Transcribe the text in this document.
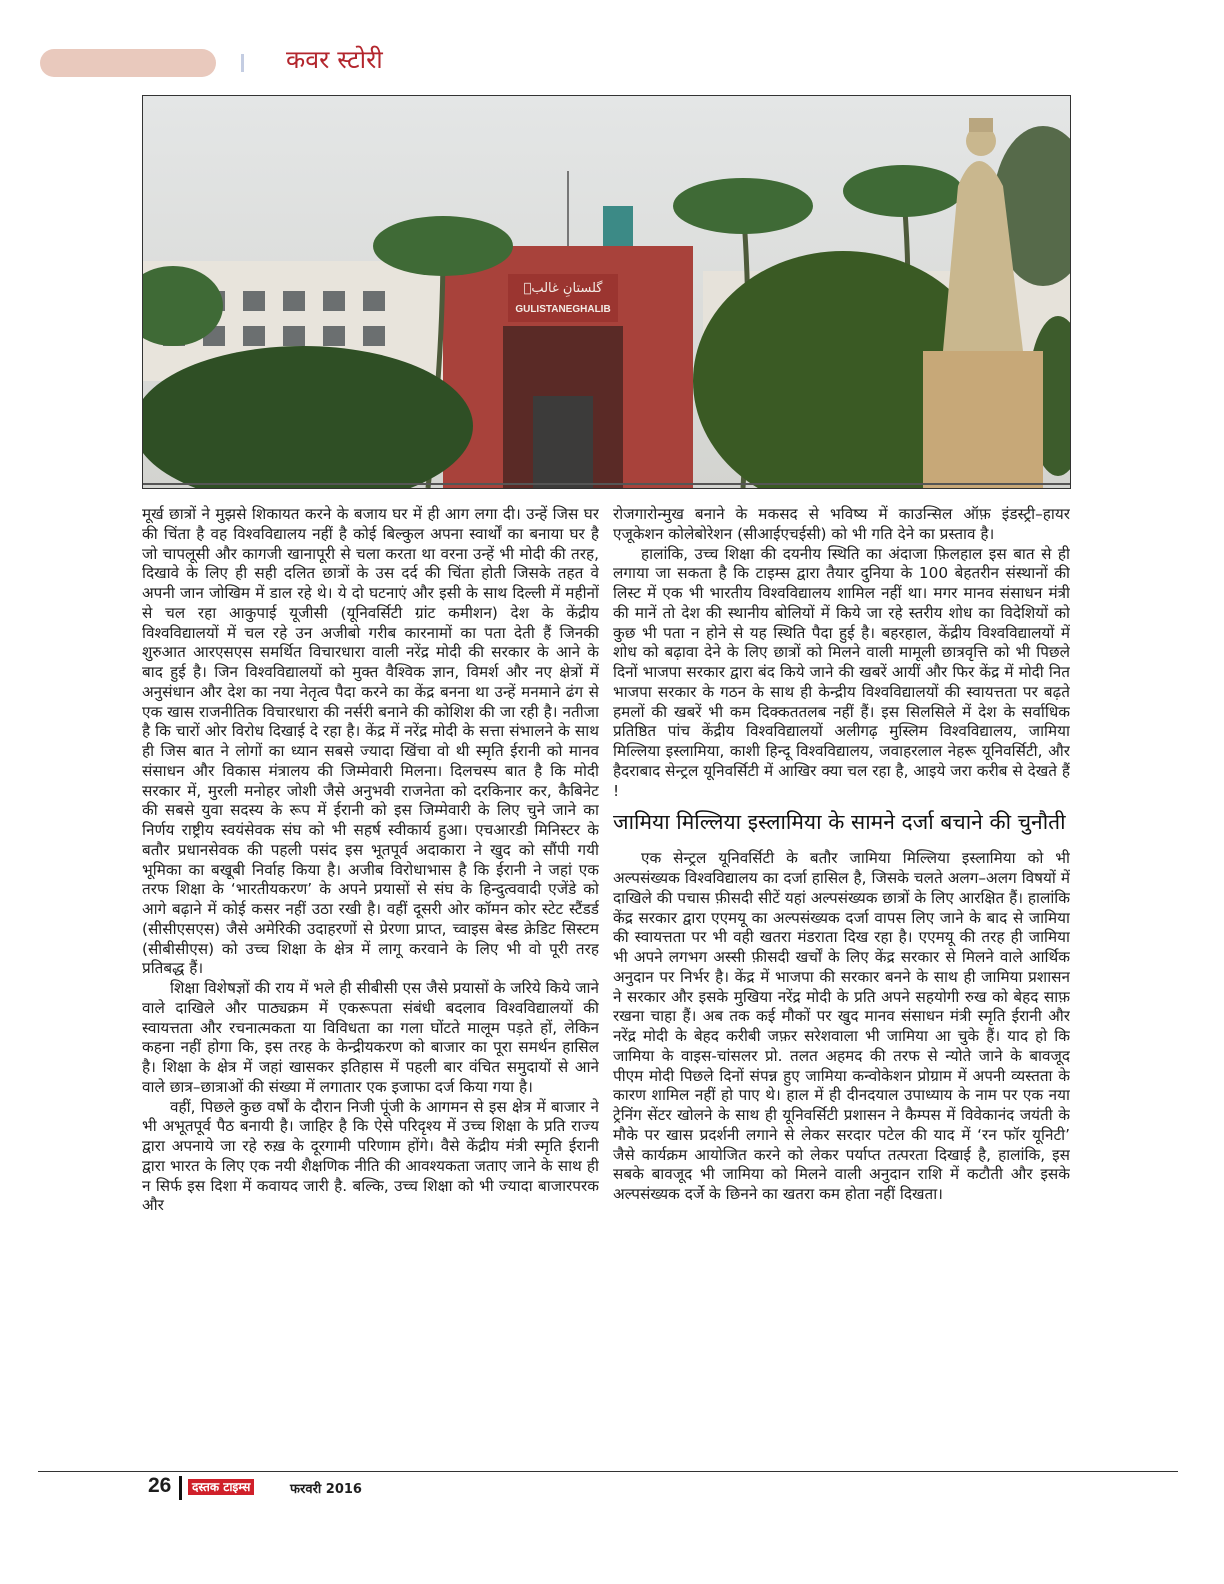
कवर स्टोरी
گلستانِ غالبؔ
GULISTANEGHALIB

मूर्ख छात्रों ने मुझसे शिकायत करने के बजाय घर में ही आग लगा दी। उन्हें जिस घर की चिंता है वह विश्वविद्यालय नहीं है कोई बिल्कुल अपना स्वार्थों का बनाया घर है जो चापलूसी और कागजी खानापूरी से चला करता था वरना उन्हें भी मोदी की तरह, दिखावे के लिए ही सही दलित छात्रों के उस दर्द की चिंता होती जिसके तहत वे अपनी जान जोखिम में डाल रहे थे। ये दो घटनाएं और इसी के साथ दिल्ली में महीनों से चल रहा आकुपाई यूजीसी (यूनिवर्सिटी ग्रांट कमीशन) देश के केंद्रीय विश्वविद्यालयों में चल रहे उन अजीबो गरीब कारनामों का पता देती हैं जिनकी शुरुआत आरएसएस समर्थित विचारधारा वाली नरेंद्र मोदी की सरकार के आने के बाद हुई है। जिन विश्वविद्यालयों को मुक्त वैश्विक ज्ञान, विमर्श और नए क्षेत्रों में अनुसंधान और देश का नया नेतृत्व पैदा करने का केंद्र बनना था उन्हें मनमाने ढंग से एक खास राजनीतिक विचारधारा की नर्सरी बनाने की कोशिश की जा रही है। नतीजा है कि चारों ओर विरोध दिखाई दे रहा है। केंद्र में नरेंद्र मोदी के सत्ता संभालने के साथ ही जिस बात ने लोगों का ध्यान सबसे ज्यादा खिंचा वो थी स्मृति ईरानी को मानव संसाधन और विकास मंत्रालय की जिम्मेवारी मिलना। दिलचस्प बात है कि मोदी सरकार में, मुरली मनोहर जोशी जैसे अनुभवी राजनेता को दरकिनार कर, कैबिनेट की सबसे युवा सदस्य के रूप में ईरानी को इस जिम्मेवारी के लिए चुने जाने का निर्णय राष्ट्रीय स्वयंसेवक संघ को भी सहर्ष स्वीकार्य हुआ। एचआरडी मिनिस्टर के बतौर प्रधानसेवक की पहली पसंद इस भूतपूर्व अदाकारा ने खुद को सौंपी गयी भूमिका का बखूबी निर्वाह किया है। अजीब विरोधाभास है कि ईरानी ने जहां एक तरफ शिक्षा के ‘भारतीयकरण’ के अपने प्रयासों से संघ के हिन्दुत्ववादी एजेंडे को आगे बढ़ाने में कोई कसर नहीं उठा रखी है। वहीं दूसरी ओर कॉमन कोर स्टेट स्टैंडर्ड (सीसीएसएस) जैसे अमेरिकी उदाहरणों से प्रेरणा प्राप्त, च्वाइस बेस्ड क्रेडिट सिस्टम (सीबीसीएस) को उच्च शिक्षा के क्षेत्र में लागू करवाने के लिए भी वो पूरी तरह प्रतिबद्ध हैं।

शिक्षा विशेषज्ञों की राय में भले ही सीबीसी एस जैसे प्रयासों के जरिये किये जाने वाले दाखिले और पाठ्यक्रम में एकरूपता संबंधी बदलाव विश्वविद्यालयों की स्वायत्तता और रचनात्मकता या विविधता का गला घोंटते मालूम पड़ते हों, लेकिन कहना नहीं होगा कि, इस तरह के केन्द्रीयकरण को बाजार का पूरा समर्थन हासिल है। शिक्षा के क्षेत्र में जहां खासकर इतिहास में पहली बार वंचित समुदायों से आने वाले छात्र–छात्राओं की संख्या में लगातार एक इजाफा दर्ज किया गया है।

वहीं, पिछले कुछ वर्षों के दौरान निजी पूंजी के आगमन से इस क्षेत्र में बाजार ने भी अभूतपूर्व पैठ बनायी है। जाहिर है कि ऐसे परिदृश्य में उच्च शिक्षा के प्रति राज्य द्वारा अपनाये जा रहे रुख़ के दूरगामी परिणाम होंगे। वैसे केंद्रीय मंत्री स्मृति ईरानी द्वारा भारत के लिए एक नयी शैक्षणिक नीति की आवश्यकता जताए जाने के साथ ही न सिर्फ इस दिशा में कवायद जारी है. बल्कि, उच्च शिक्षा को भी ज्यादा बाजारपरक और

रोजगारोन्मुख बनाने के मकसद से भविष्य में काउन्सिल ऑफ़ इंडस्ट्री–हायर एजूकेशन कोलेबोरेशन (सीआईएचईसी) को भी गति देने का प्रस्ताव है।

हालांकि, उच्च शिक्षा की दयनीय स्थिति का अंदाजा फ़िलहाल इस बात से ही लगाया जा सकता है कि टाइम्स द्वारा तैयार दुनिया के 100 बेहतरीन संस्थानों की लिस्ट में एक भी भारतीय विश्वविद्यालय शामिल नहीं था। मगर मानव संसाधन मंत्री की मानें तो देश की स्थानीय बोलियों में किये जा रहे स्तरीय शोध का विदेशियों को कुछ भी पता न होने से यह स्थिति पैदा हुई है। बहरहाल, केंद्रीय विश्वविद्यालयों में शोध को बढ़ावा देने के लिए छात्रों को मिलने वाली मामूली छात्रवृत्ति को भी पिछले दिनों भाजपा सरकार द्वारा बंद किये जाने की खबरें आयीं और फिर केंद्र में मोदी नित भाजपा सरकार के गठन के साथ ही केन्द्रीय विश्वविद्यालयों की स्वायत्तता पर बढ़ते हमलों की खबरें भी कम दिक्कततलब नहीं हैं। इस सिलसिले में देश के सर्वाधिक प्रतिष्ठित पांच केंद्रीय विश्वविद्यालयों अलीगढ़ मुस्लिम विश्वविद्यालय, जामिया मिल्लिया इस्लामिया, काशी हिन्दू विश्वविद्यालय, जवाहरलाल नेहरू यूनिवर्सिटी, और हैदराबाद सेन्ट्रल यूनिवर्सिटी में आखिर क्या चल रहा है, आइये जरा करीब से देखते हैं !

जामिया मिल्लिया इस्लामिया के सामने दर्जा बचाने की चुनौती

एक सेन्ट्रल यूनिवर्सिटी के बतौर जामिया मिल्लिया इस्लामिया को भी अल्पसंख्यक विश्वविद्यालय का दर्जा हासिल है, जिसके चलते अलग–अलग विषयों में दाखिले की पचास फ़ीसदी सीटें यहां अल्पसंख्यक छात्रों के लिए आरक्षित हैं। हालांकि केंद्र सरकार द्वारा एएमयू का अल्पसंख्यक दर्जा वापस लिए जाने के बाद से जामिया की स्वायत्तता पर भी वही खतरा मंडराता दिख रहा है। एएमयू की तरह ही जामिया भी अपने लगभग अस्सी फ़ीसदी खर्चों के लिए केंद्र सरकार से मिलने वाले आर्थिक अनुदान पर निर्भर है। केंद्र में भाजपा की सरकार बनने के साथ ही जामिया प्रशासन ने सरकार और इसके मुखिया नरेंद्र मोदी के प्रति अपने सहयोगी रुख को बेहद साफ़ रखना चाहा हैं। अब तक कई मौकों पर खुद मानव संसाधन मंत्री स्मृति ईरानी और नरेंद्र मोदी के बेहद करीबी जफ़र सरेशवाला भी जामिया आ चुके हैं। याद हो कि जामिया के वाइस-चांसलर प्रो. तलत अहमद की तरफ से न्योते जाने के बावजूद पीएम मोदी पिछले दिनों संपन्न हुए जामिया कन्वोकेशन प्रोग्राम में अपनी व्यस्तता के कारण शामिल नहीं हो पाए थे। हाल में ही दीनदयाल उपाध्याय के नाम पर एक नया ट्रेनिंग सेंटर खोलने के साथ ही यूनिवर्सिटी प्रशासन ने कैम्पस में विवेकानंद जयंती के मौके पर खास प्रदर्शनी लगाने से लेकर सरदार पटेल की याद में ‘रन फॉर यूनिटी’ जैसे कार्यक्रम आयोजित करने को लेकर पर्याप्त तत्परता दिखाई है, हालांकि, इस सबके बावजूद भी जामिया को मिलने वाली अनुदान राशि में कटौती और इसके अल्पसंख्यक दर्जे के छिनने का खतरा कम होता नहीं दिखता।

26	दस्तक टाइम्स	फरवरी 2016
